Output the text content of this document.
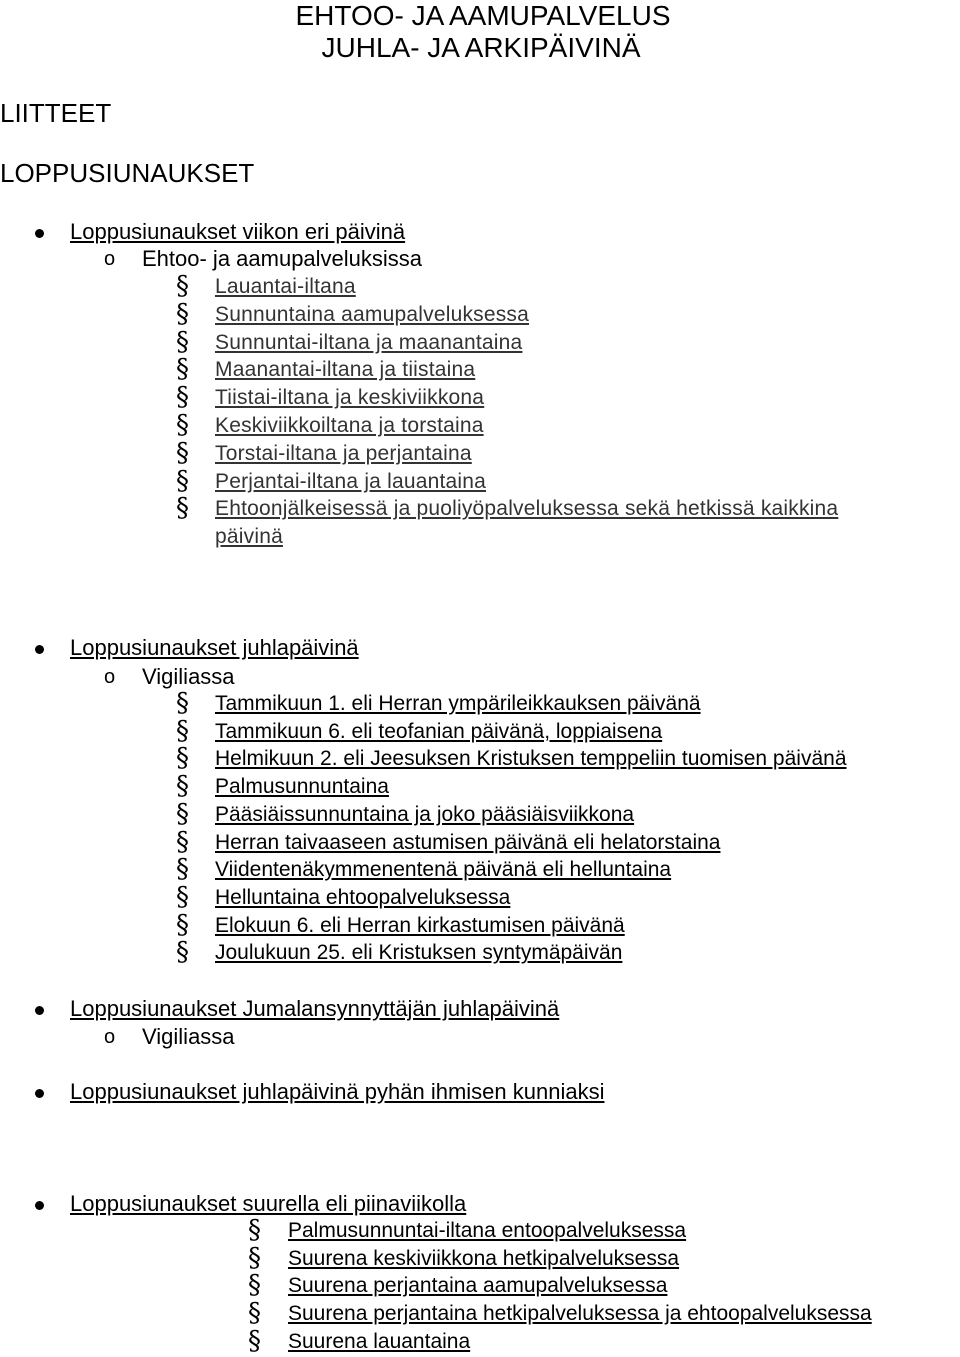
EHTOO- JA AAMUPALVELUS
JUHLA- JA ARKIPÄIVINÄ
LIITTEET
LOPPUSIUNAUKSET
Loppusiunaukset viikon eri päivinä
o Ehtoo- ja aamupalveluksissa
§ Lauantai-iltana
§ Sunnuntaina aamupalveluksessa
§ Sunnuntai-iltana ja maanantaina
§ Maanantai-iltana ja tiistaina
§ Tiistai-iltana ja keskiviikkona
§ Keskiviikkoiltana ja torstaina
§ Torstai-iltana ja perjantaina
§ Perjantai-iltana ja lauantaina
§ Ehtoonjälkeisessä ja puoliyöpalveluksessa sekä hetkissä kaikkina
päivinä
Loppusiunaukset juhlapäivinä
o Vigiliassa
§ Tammikuun 1. eli Herran ympärileikkauksen päivänä
§ Tammikuun 6. eli teofanian päivänä, loppiaisena
§ Helmikuun 2. eli Jeesuksen Kristuksen temppeliin tuomisen päivänä
§ Palmusunnuntaina
§ Pääsiäissunnuntaina ja joko pääsiäisviikkona
§ Herran taivaaseen astumisen päivänä eli helatorstaina
§ Viidentenäkymmenentenä päivänä eli helluntaina
§ Helluntaina ehtoopalveluksessa
§ Elokuun 6. eli Herran kirkastumisen päivänä
§ Joulukuun 25. eli Kristuksen syntymäpäivän
Loppusiunaukset Jumalansynnyttäjän juhlapäivinä
o Vigiliassa
Loppusiunaukset juhlapäivinä pyhän ihmisen kunniaksi
Loppusiunaukset suurella eli piinaviikolla
§ Palmusunnuntai-iltana entoopalveluksessa
§ Suurena keskiviikkona hetkipalveluksessa
§ Suurena perjantaina aamupalveluksessa
§ Suurena perjantaina hetkipalveluksessa ja ehtoopalveluksessa
§ Suurena lauantaina
